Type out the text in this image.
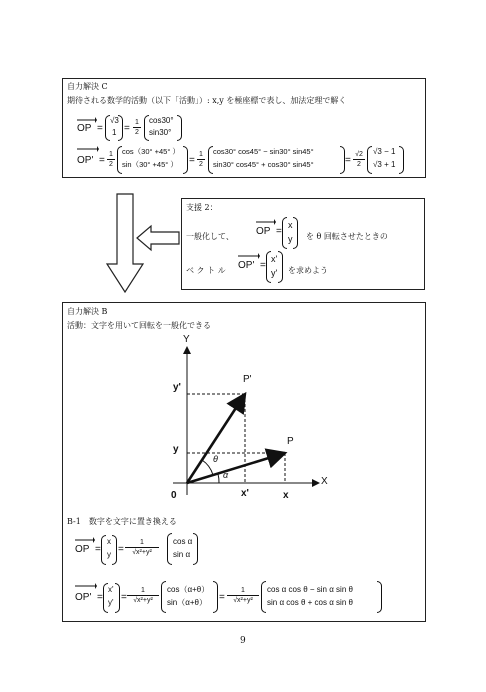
自力解決 C
期待される数学的活動（以下「活動」）: x,y を極座標で表し、加法定理で解く
OP =
√3
1 =
1
2
cos30°
sin30°
OP' =
1
2
cos（30° +45° ）
sin（30° +45° ） =
1
2
cos30° cos45° − sin30° sin45°
sin30° cos45° + cos30° sin45°	=
√2
2
√3 − 1
√3 + 1
支援 2：
一般化して、 OP =
x
y を θ 回転させたときの
ベ ク ト ル OP' =
x'
y' を求めよう
自力解決 B
活動：文字を用いて回転を一般化できる
Y
X
0
P'
P
y'
y
x'	x
θ
α
B-1　数字を文字に置き換える
OP =
x
y =
1
√x²+y²
cos α
sin α
OP' =
x'
y' =
1
√x²+y²
cos（α+θ）
sin（α+θ） =
1
√x²+y²
cos α cos θ − sin α sin θ
sin α cos θ + cos α sin θ
9
